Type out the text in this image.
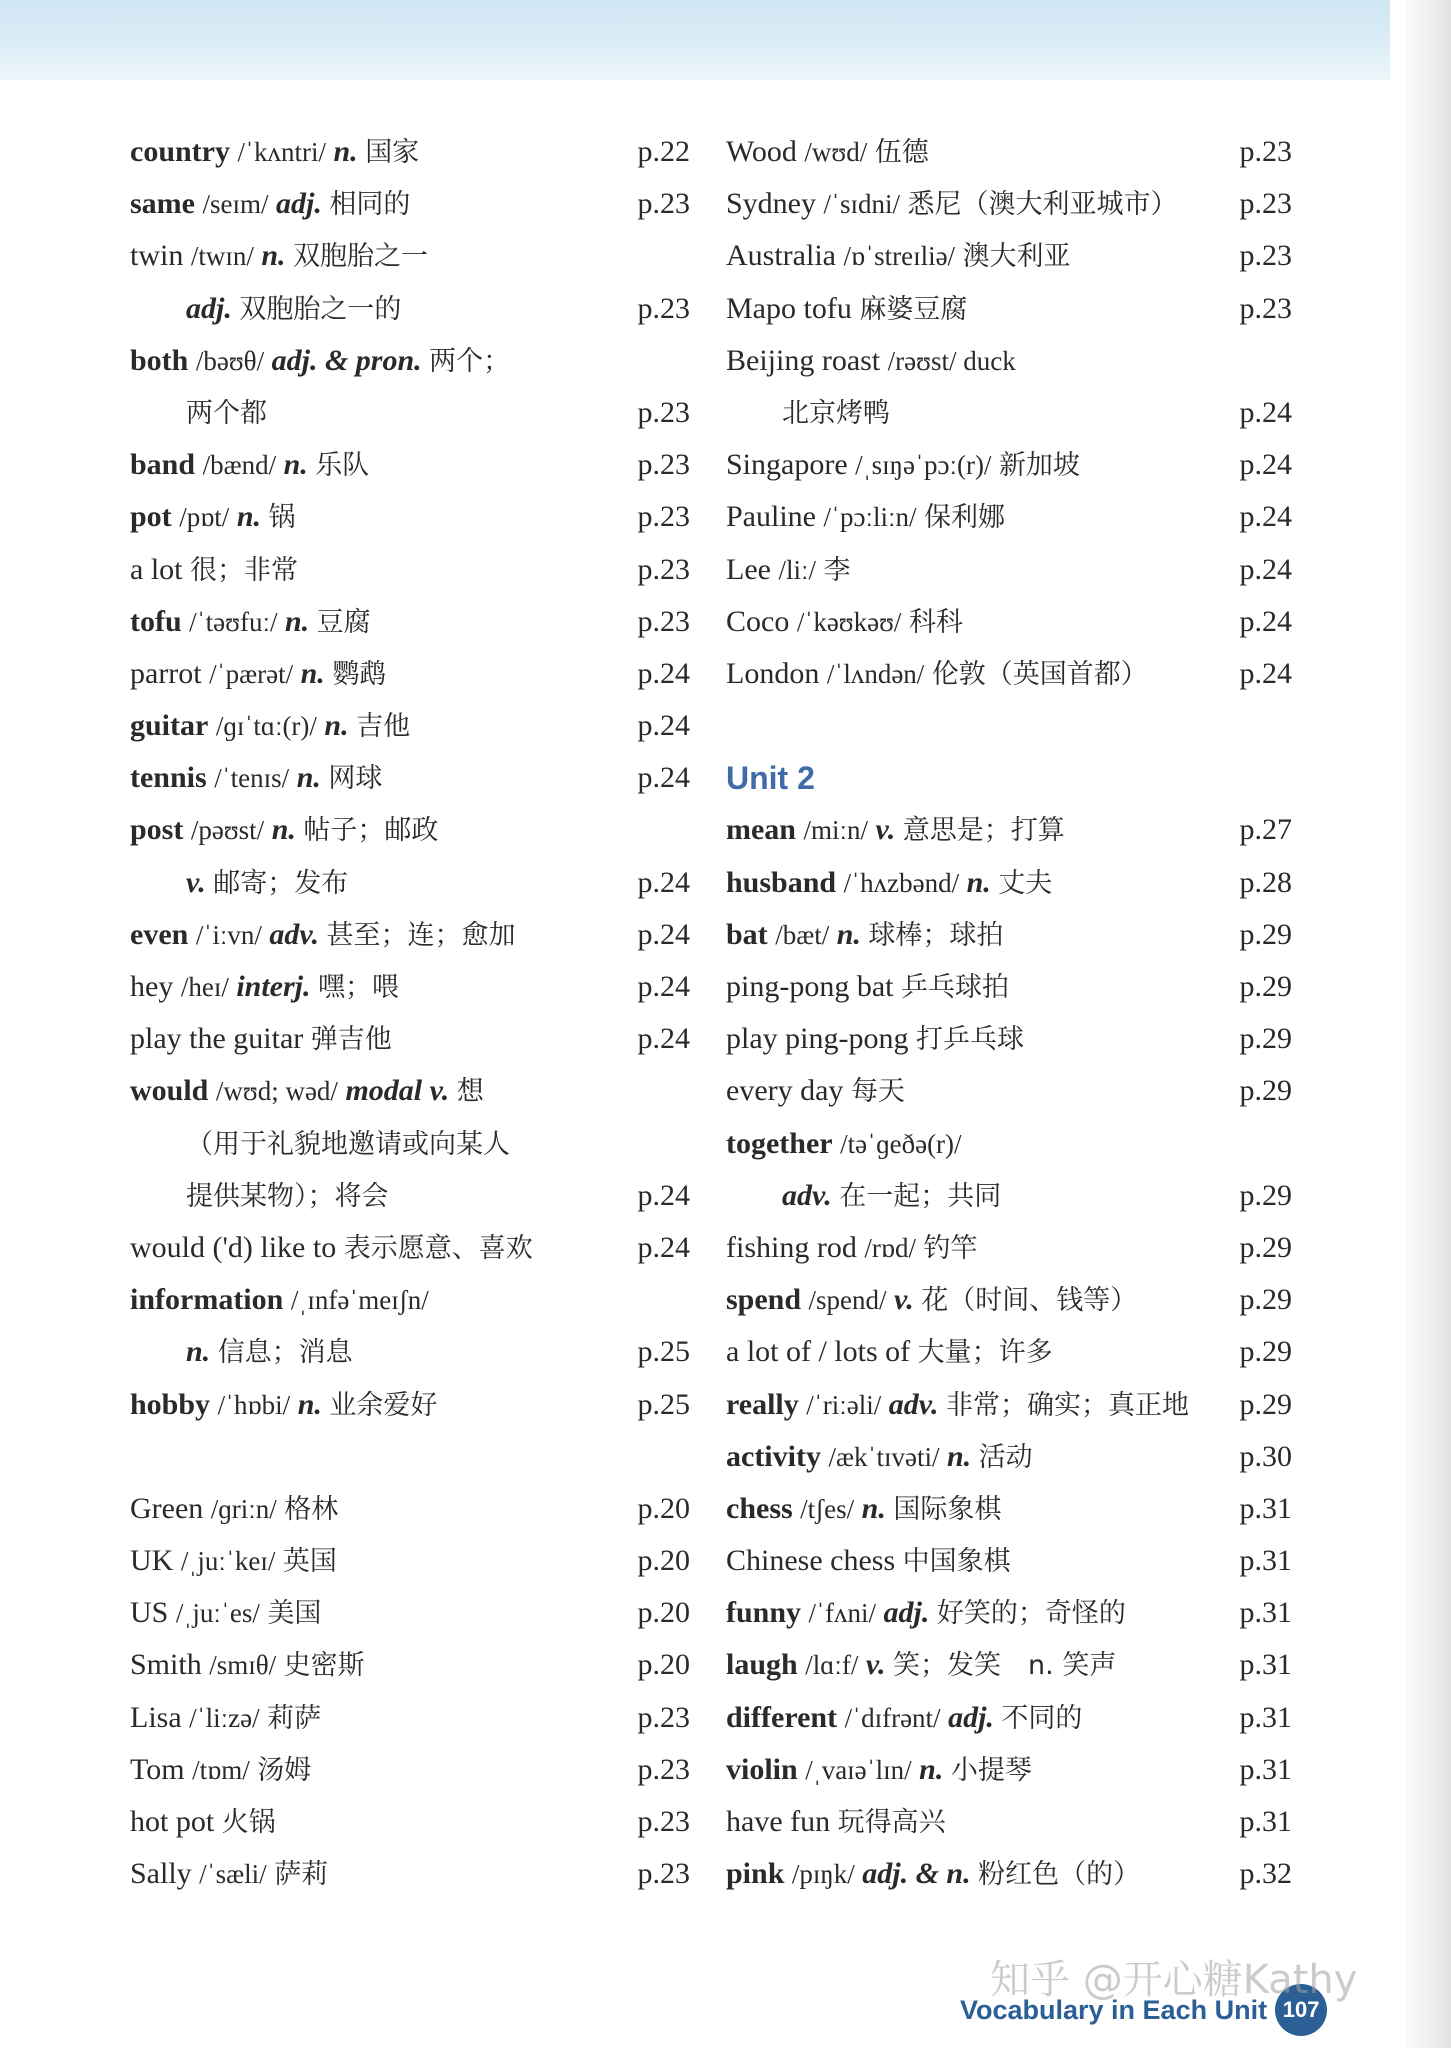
country /ˈkʌntri/ n. 国家	p.22
same /seɪm/ adj. 相同的	p.23
twin /twɪn/ n. 双胞胎之一
adj. 双胞胎之一的	p.23
both /bəʊθ/ adj. & pron. 两个；
两个都	p.23
band /bænd/ n. 乐队	p.23
pot /pɒt/ n. 锅	p.23
a lot 很；非常	p.23
tofu /ˈtəʊfuː/ n. 豆腐	p.23
parrot /ˈpærət/ n. 鹦鹉	p.24
guitar /ɡɪˈtɑː(r)/ n. 吉他	p.24
tennis /ˈtenɪs/ n. 网球	p.24
post /pəʊst/ n. 帖子；邮政
v. 邮寄；发布	p.24
even /ˈiːvn/ adv. 甚至；连；愈加	p.24
hey /heɪ/ interj. 嘿；喂	p.24
play the guitar 弹吉他	p.24
would /wʊd; wəd/ modal v. 想
（用于礼貌地邀请或向某人
提供某物）；将会	p.24
would ('d) like to 表示愿意、喜欢	p.24
information /ˌɪnfəˈmeɪʃn/
n. 信息；消息	p.25
hobby /ˈhɒbi/ n. 业余爱好	p.25
Green /ɡriːn/ 格林	p.20
UK /ˌjuːˈkeɪ/ 英国	p.20
US /ˌjuːˈes/ 美国	p.20
Smith /smɪθ/ 史密斯	p.20
Lisa /ˈliːzə/ 莉萨	p.23
Tom /tɒm/ 汤姆	p.23
hot pot 火锅	p.23
Sally /ˈsæli/ 萨莉	p.23
Wood /wʊd/ 伍德	p.23
Sydney /ˈsɪdni/ 悉尼（澳大利亚城市） p.23
Australia /ɒˈstreɪliə/ 澳大利亚	p.23
Mapo tofu 麻婆豆腐	p.23
Beijing roast /rəʊst/ duck
北京烤鸭	p.24
Singapore /ˌsɪŋəˈpɔː(r)/ 新加坡	p.24
Pauline /ˈpɔːliːn/ 保利娜	p.24
Lee /liː/ 李	p.24
Coco /ˈkəʊkəʊ/ 科科	p.24
London /ˈlʌndən/ 伦敦（英国首都）	p.24
Unit 2
mean /miːn/ v. 意思是；打算	p.27
husband /ˈhʌzbənd/ n. 丈夫	p.28
bat /bæt/ n. 球棒；球拍	p.29
ping-pong bat 乒乓球拍	p.29
play ping-pong 打乒乓球	p.29
every day 每天	p.29
together /təˈɡeðə(r)/
adv. 在一起；共同	p.29
fishing rod /rɒd/ 钓竿	p.29
spend /spend/ v. 花（时间、钱等）	p.29
a lot of / lots of 大量；许多	p.29
really /ˈriːəli/ adv. 非常；确实；真正地 p.29
activity /ækˈtɪvəti/ n. 活动	p.30
chess /tʃes/ n. 国际象棋	p.31
Chinese chess 中国象棋	p.31
funny /ˈfʌni/ adj. 好笑的；奇怪的	p.31
laugh /lɑːf/ v. 笑；发笑　n. 笑声	p.31
different /ˈdɪfrənt/ adj. 不同的	p.31
violin /ˌvaɪəˈlɪn/ n. 小提琴	p.31
have fun 玩得高兴	p.31
pink /pɪŋk/ adj. & n. 粉红色（的）	p.32
Vocabulary in Each Unit 107
知乎 @开心糖Kathy
